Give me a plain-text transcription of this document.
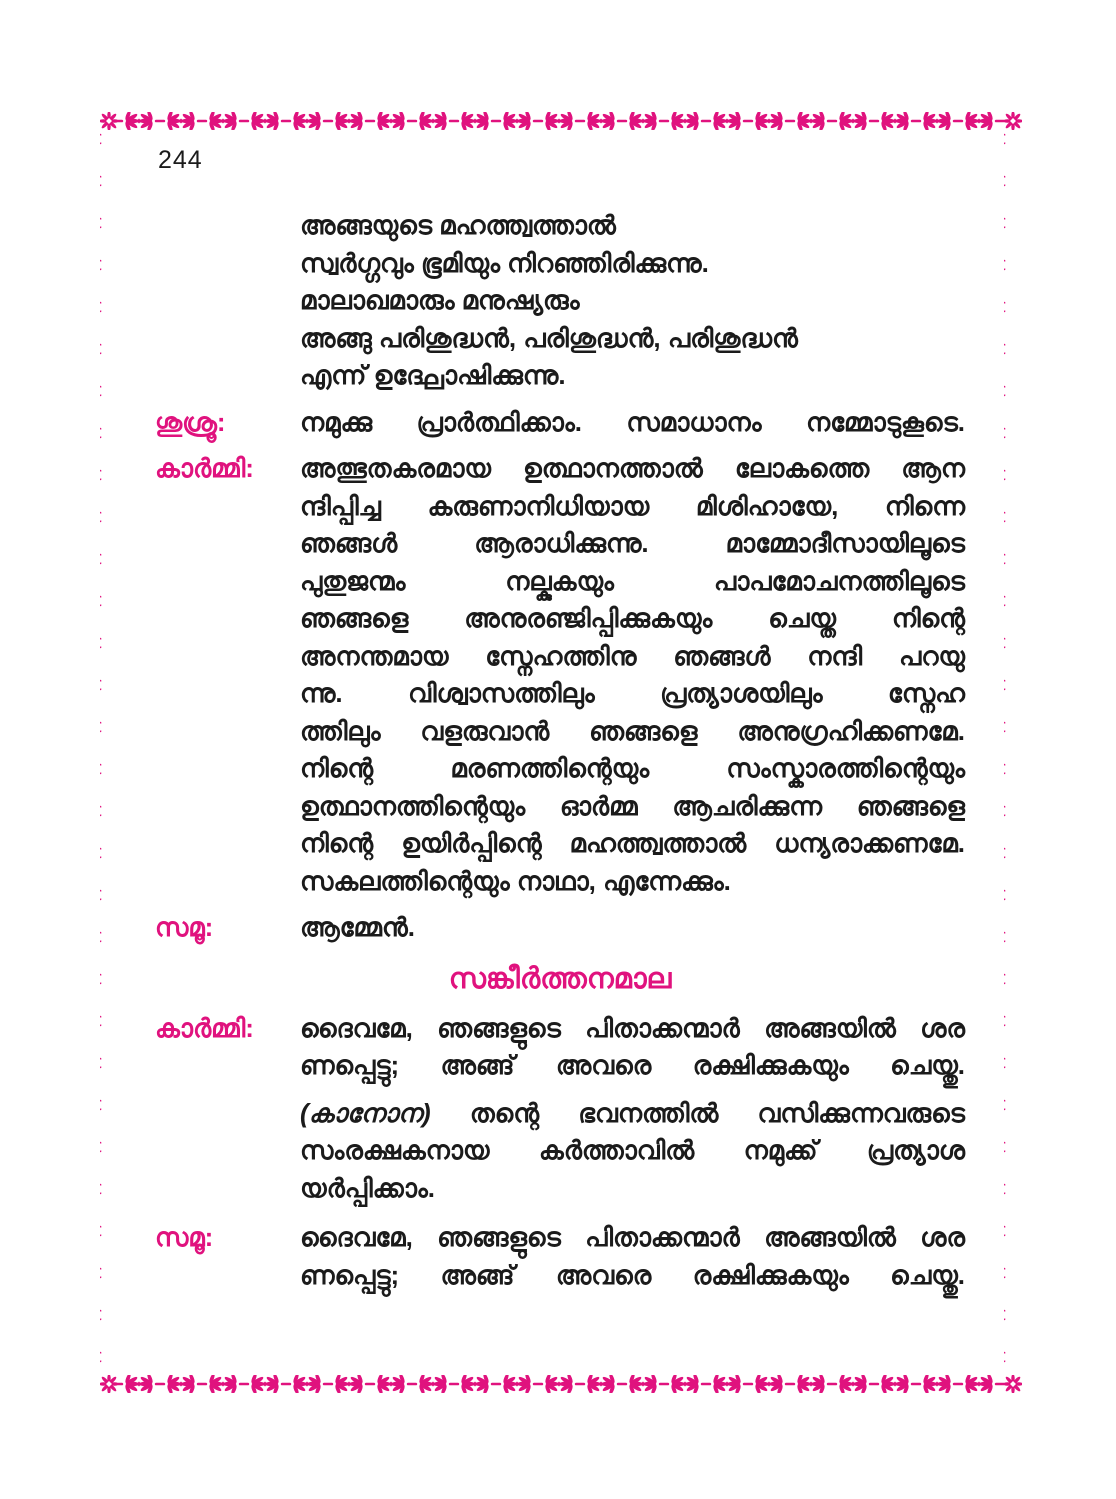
244
അങ്ങയുടെ മഹത്ത്വത്താൽ
സ്വർഗ്ഗവും ഭൂമിയും നിറഞ്ഞിരിക്കുന്നു.
മാലാഖമാരും മനുഷ്യരും
അങ്ങു പരിശുദ്ധൻ, പരിശുദ്ധൻ, പരിശുദ്ധൻ
എന്ന് ഉദ്ഘോഷിക്കുന്നു.
ശുശ്രൂ:	നമുക്കു പ്രാർത്ഥിക്കാം. സമാധാനം നമ്മോടുകൂടെ.
കാർമ്മി:	അത്ഭുതകരമായ ഉത്ഥാനത്താൽ ലോകത്തെ ആന
ന്ദിപ്പിച്ച കരുണാനിധിയായ മിശിഹായേ, നിന്നെ
ഞങ്ങൾ ആരാധിക്കുന്നു. മാമ്മോദീസായിലൂടെ
പുതുജന്മം നല്കുകയും പാപമോചനത്തിലൂടെ
ഞങ്ങളെ അനുരഞ്ജിപ്പിക്കുകയും ചെയ്ത നിന്റെ
അനന്തമായ സ്നേഹത്തിനു ഞങ്ങൾ നന്ദി പറയു
ന്നു. വിശ്വാസത്തിലും പ്രത്യാശയിലും സ്നേഹ
ത്തിലും വളരുവാൻ ഞങ്ങളെ അനുഗ്രഹിക്കണമേ.
നിന്റെ മരണത്തിന്റെയും സംസ്കാരത്തിന്റെയും
ഉത്ഥാനത്തിന്റെയും ഓർമ്മ ആചരിക്കുന്ന ഞങ്ങളെ
നിന്റെ ഉയിർപ്പിന്റെ മഹത്ത്വത്താൽ ധന്യരാക്കണമേ.
സകലത്തിന്റെയും നാഥാ, എന്നേക്കും.
സമൂ:	ആമ്മേൻ.
സങ്കീർത്തനമാല
കാർമ്മി:	ദൈവമേ, ഞങ്ങളുടെ പിതാക്കന്മാർ അങ്ങയിൽ ശര
ണപ്പെട്ടു; അങ്ങ് അവരെ രക്ഷിക്കുകയും ചെയ്തു.
(കാനോന) തന്റെ ഭവനത്തിൽ വസിക്കുന്നവരുടെ
സംരക്ഷകനായ കർത്താവിൽ നമുക്ക് പ്രത്യാശ
യർപ്പിക്കാം.
സമൂ:	ദൈവമേ, ഞങ്ങളുടെ പിതാക്കന്മാർ അങ്ങയിൽ ശര
ണപ്പെട്ടു; അങ്ങ് അവരെ രക്ഷിക്കുകയും ചെയ്തു.
